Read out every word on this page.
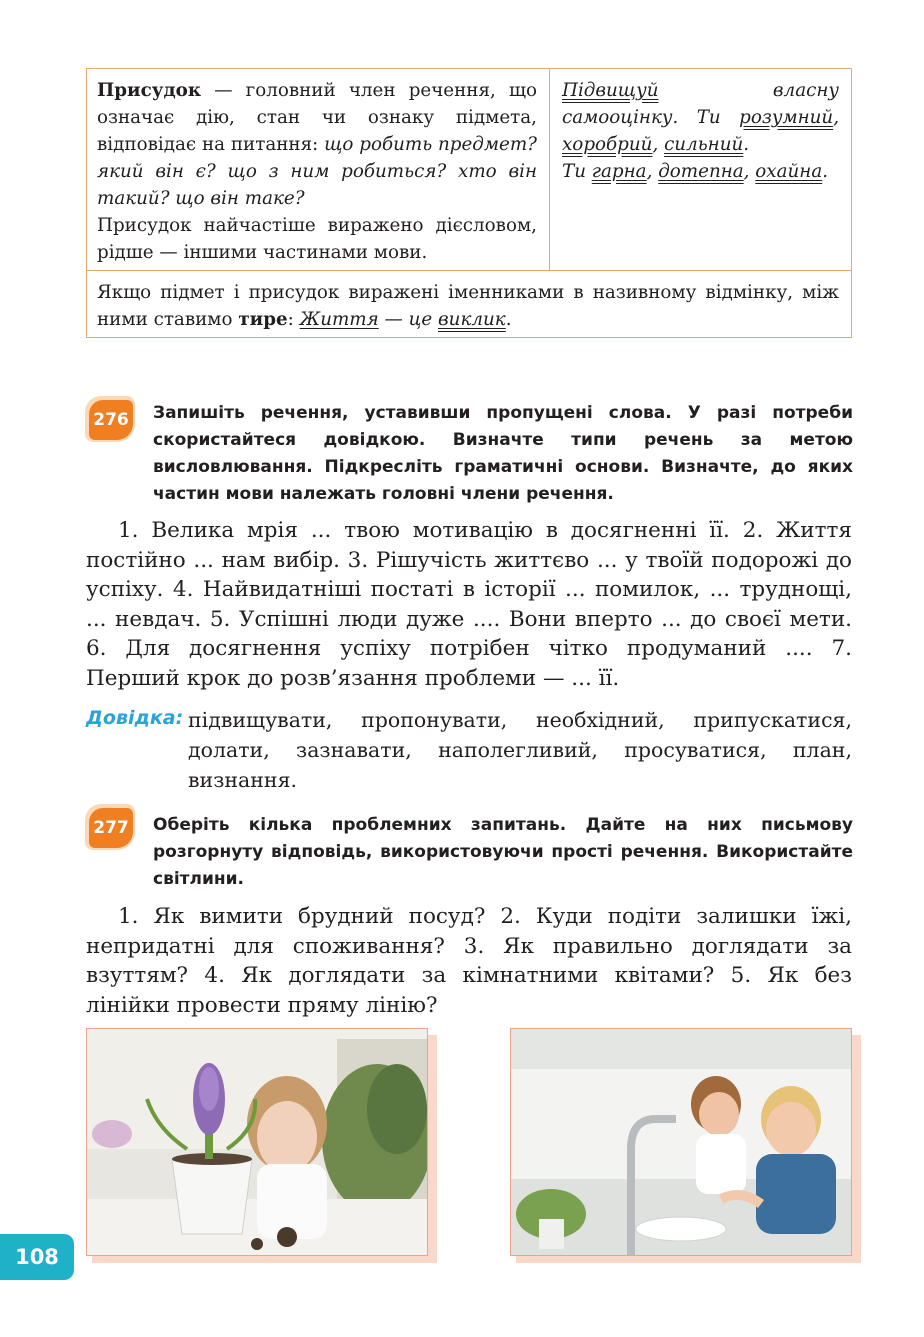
Присудок — головний член речення, що означає дію, стан чи ознаку підмета, відповідає на питання: що робить предмет? який він є? що з ним робиться? хто він такий? що він таке?
Присудок найчастіше виражено дієсловом, рідше — іншими частинами мови.
Підвищуй власну самооцінку. Ти розумний, хоробрий, сильний.
Ти гарна, дотепна, охайна.
Якщо підмет і присудок виражені іменниками в називному відмінку, між ними ставимо тире: Життя — це виклик.
276 Запишіть речення, уставивши пропущені слова. У разі потреби скористайтеся довідкою. Визначте типи речень за метою висловлювання. Підкресліть граматичні основи. Визначте, до яких частин мови належать головні члени речення.

1. Велика мрія ... твою мотивацію в досягненні її. 2. Життя постійно ... нам вибір. 3. Рішучість життєво ... у твоїй подорожі до успіху. 4. Найвидатніші постаті в історії ... помилок, ... труднощі, ... невдач. 5. Успішні люди дуже .... Вони вперто ... до своєї мети. 6. Для досягнення успіху потрібен чітко продуманий .... 7. Перший крок до розв’язання проблеми — ... її.

Довідка: підвищувати, пропонувати, необхідний, припускатися, долати, зазнавати, наполегливий, просуватися, план, визнання.
277 Оберіть кілька проблемних запитань. Дайте на них письмову розгорнуту відповідь, використовуючи прості речення. Використайте світлини.

1. Як вимити брудний посуд? 2. Куди подіти залишки їжі, непридатні для споживання? 3. Як правильно доглядати за взуттям? 4. Як доглядати за кімнатними квітами? 5. Як без лінійки провести пряму лінію?

108
